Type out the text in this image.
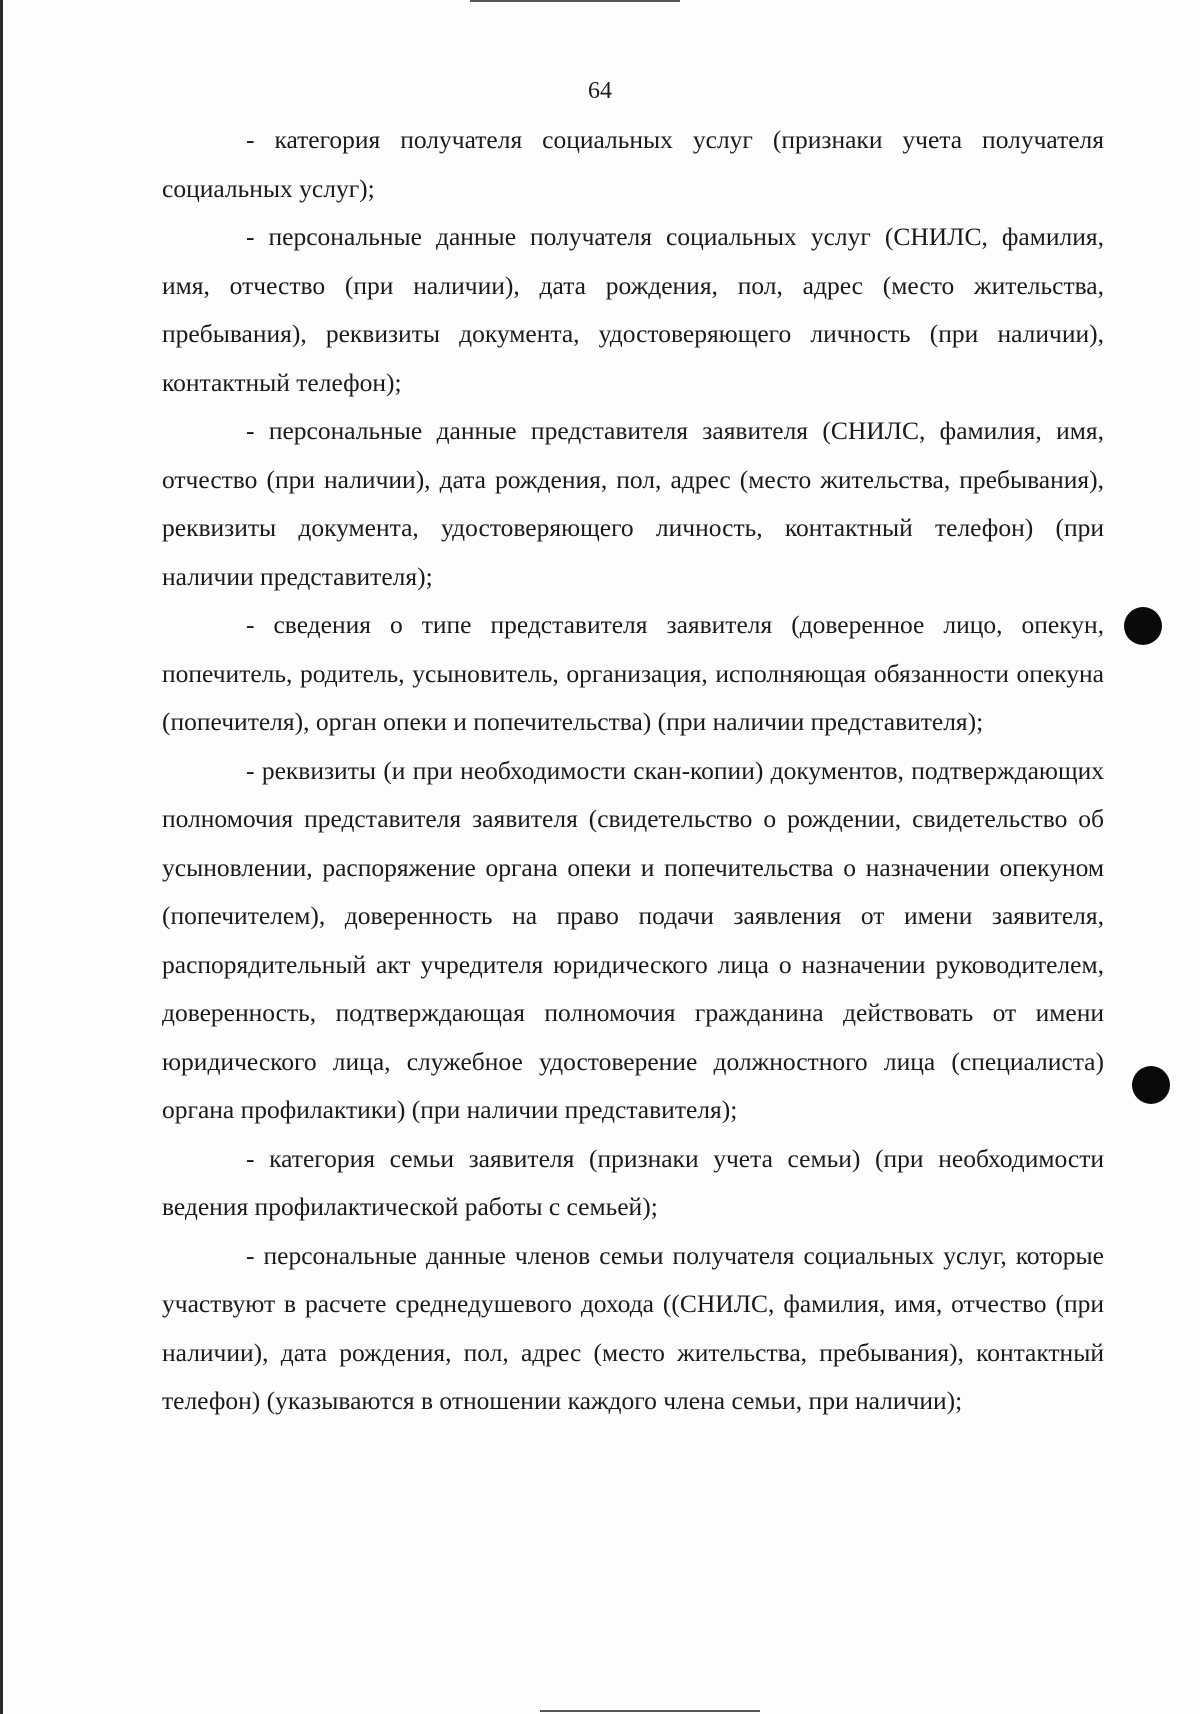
64

- категория получателя социальных услуг (признаки учета получателя социальных услуг);

- персональные данные получателя социальных услуг (СНИЛС, фамилия, имя, отчество (при наличии), дата рождения, пол, адрес (место жительства, пребывания), реквизиты документа, удостоверяющего личность (при наличии), контактный телефон);

- персональные данные представителя заявителя (СНИЛС, фамилия, имя, отчество (при наличии), дата рождения, пол, адрес (место жительства, пребывания), реквизиты документа, удостоверяющего личность, контактный телефон) (при наличии представителя);

- сведения о типе представителя заявителя (доверенное лицо, опекун, попечитель, родитель, усыновитель, организация, исполняющая обязанности опекуна (попечителя), орган опеки и попечительства) (при наличии представителя);

- реквизиты (и при необходимости скан-копии) документов, подтверждающих полномочия представителя заявителя (свидетельство о рождении, свидетельство об усыновлении, распоряжение органа опеки и попечительства о назначении опекуном (попечителем), доверенность на право подачи заявления от имени заявителя, распорядительный акт учредителя юридического лица о назначении руководителем, доверенность, подтверждающая полномочия гражданина действовать от имени юридического лица, служебное удостоверение должностного лица (специалиста) органа профилактики) (при наличии представителя);

- категория семьи заявителя (признаки учета семьи) (при необходимости ведения профилактической работы с семьей);

- персональные данные членов семьи получателя социальных услуг, которые участвуют в расчете среднедушевого дохода ((СНИЛС, фамилия, имя, отчество (при наличии), дата рождения, пол, адрес (место жительства, пребывания), контактный телефон) (указываются в отношении каждого члена семьи, при наличии);
